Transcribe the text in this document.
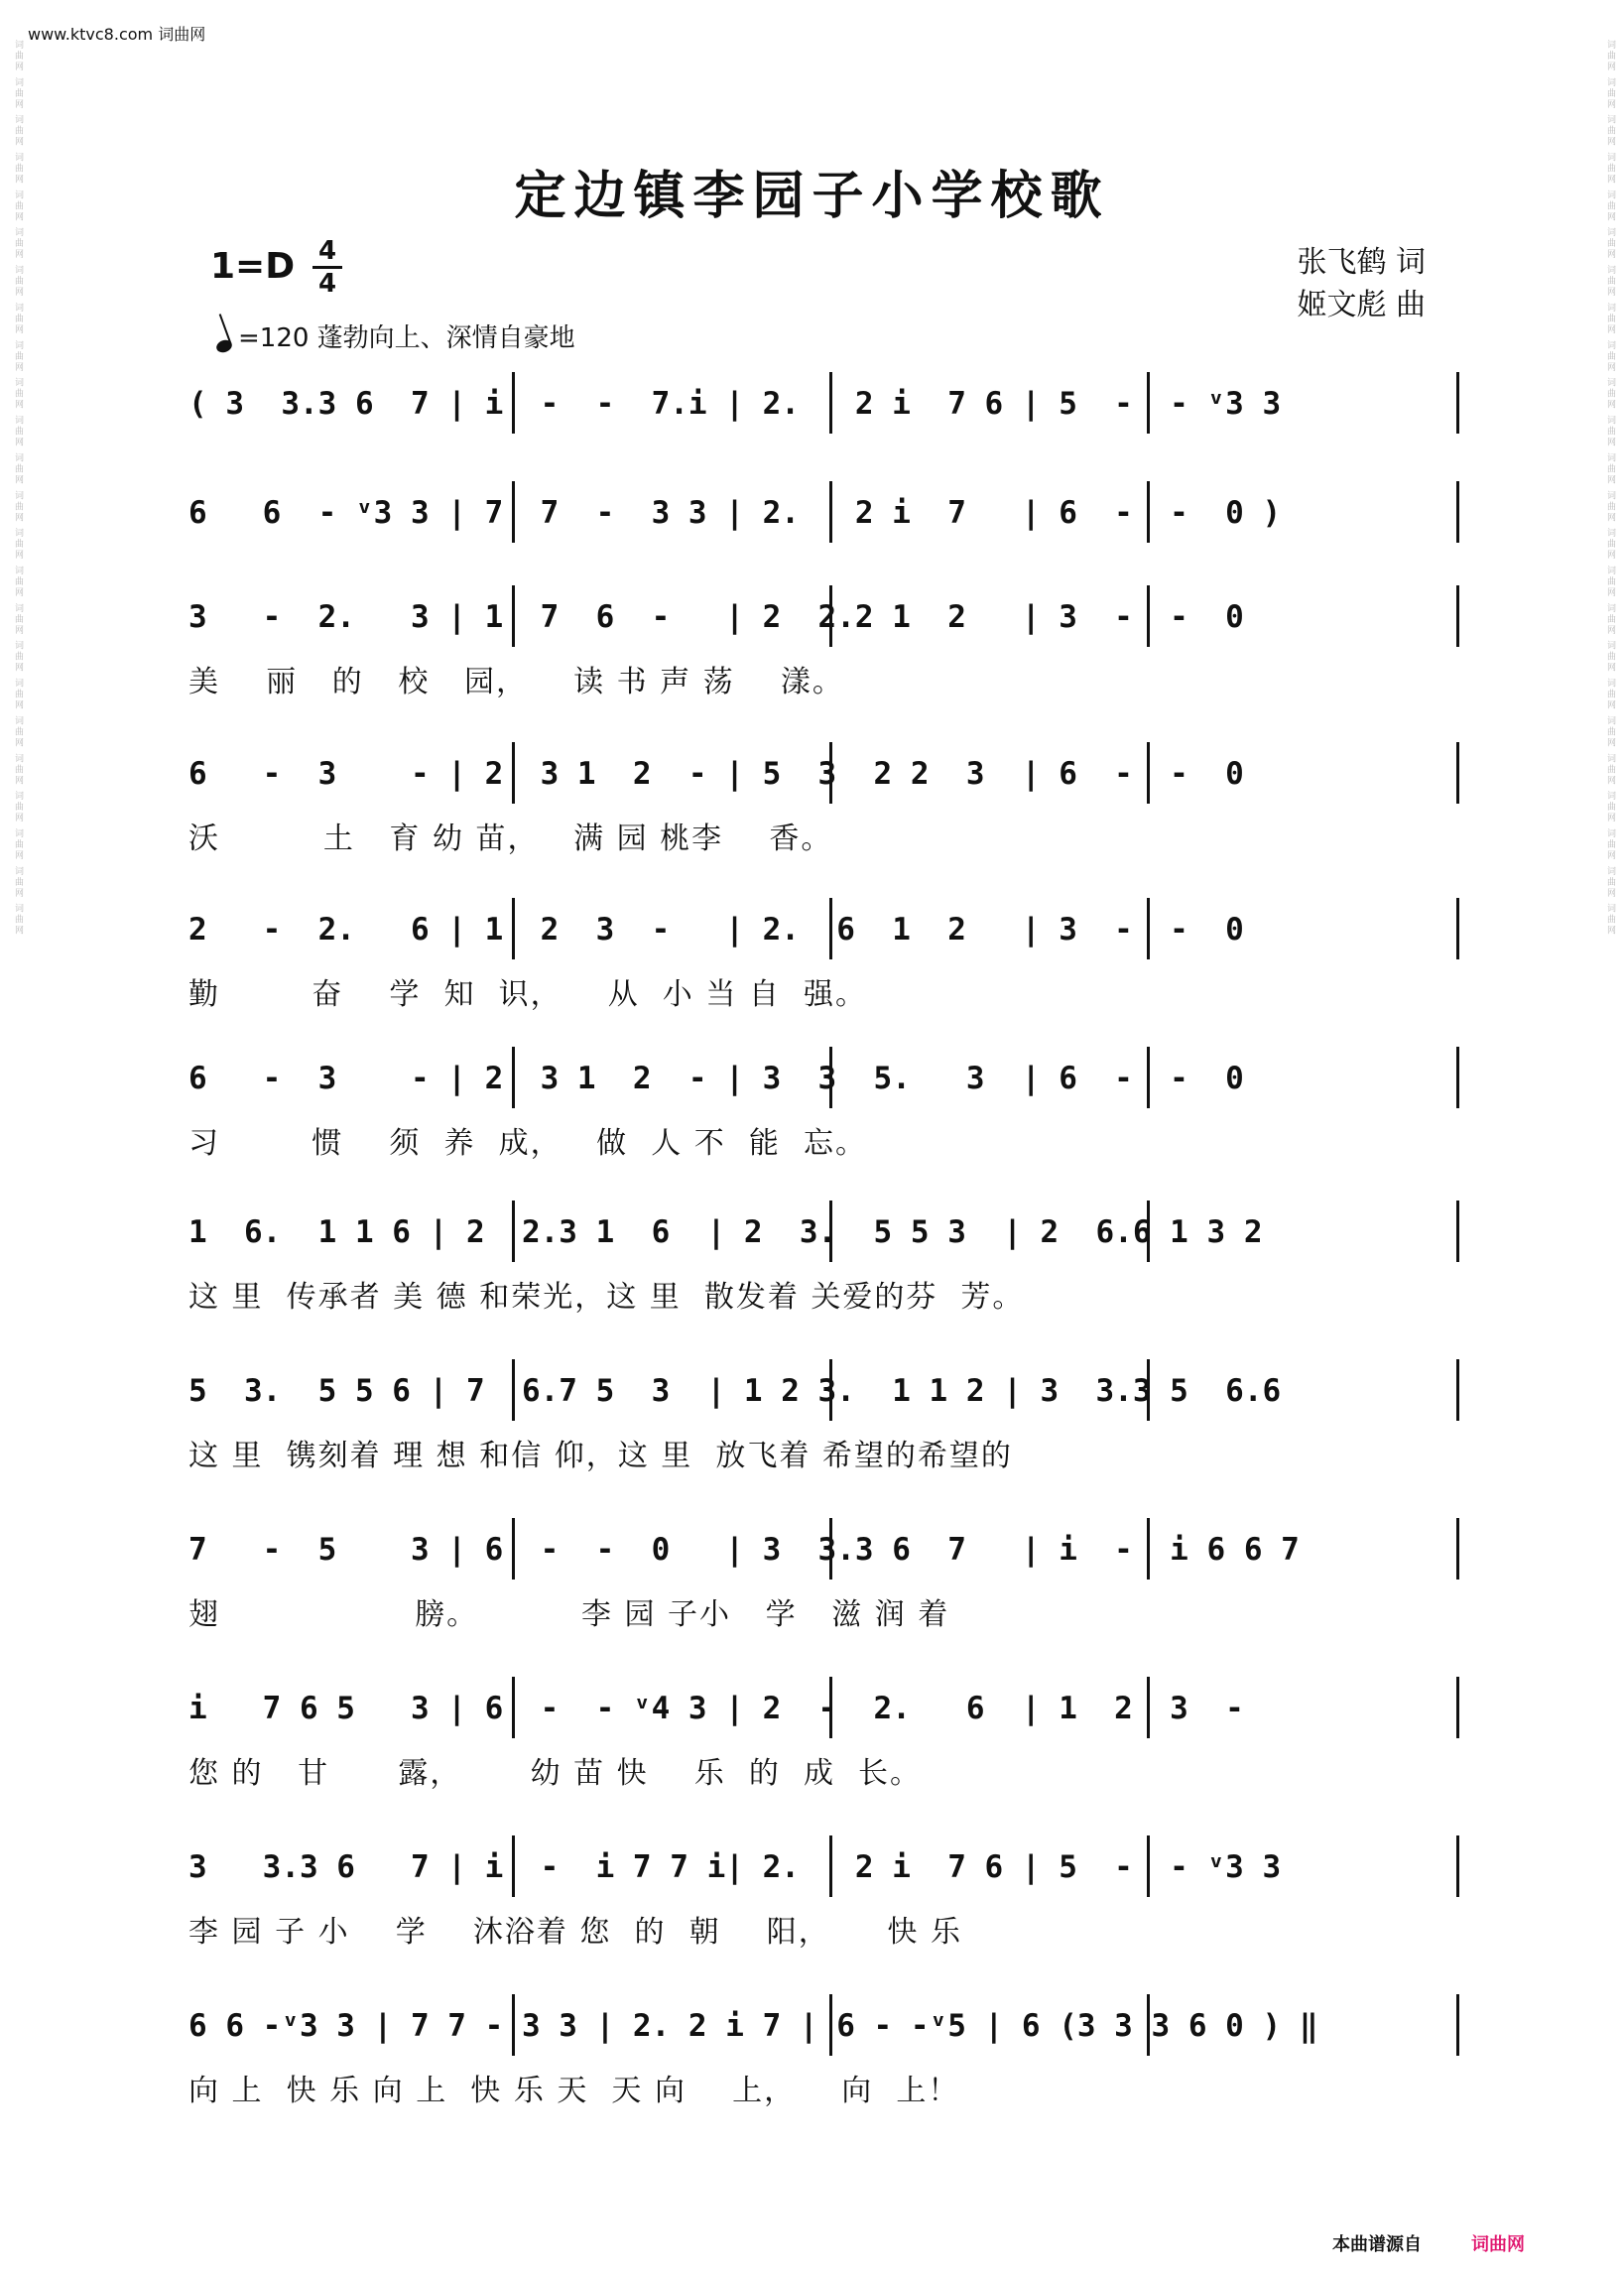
www.ktvc8.com 词曲网
词曲网 词曲网 词曲网 词曲网 词曲网 词曲网 词曲网 词曲网 词曲网 词曲网 词曲网 词曲网 词曲网 词曲网 词曲网 词曲网 词曲网 词曲网 词曲网 词曲网 词曲网 词曲网 词曲网 词曲网	词曲网 词曲网 词曲网 词曲网 词曲网 词曲网 词曲网 词曲网 词曲网 词曲网 词曲网 词曲网 词曲网 词曲网 词曲网 词曲网 词曲网 词曲网 词曲网 词曲网 词曲网 词曲网 词曲网 词曲网
定边镇李园子小学校歌
1=D 4
4
张飞鹤 词
姬文彪 曲
=120 蓬勃向上、深情自豪地
( 3  3.3 6  7 | i  -  -  7.i | 2.   2 i  7 6 | 5  -  - ᵛ3 3
6   6  - ᵛ3 3 | 7  7  -  3 3 | 2.   2 i  7   | 6  -  -  0 )
3   -  2.   3 | 1  7  6  -   | 2  2.2 1  2   | 3  -  -  0
美    丽   的   校   园，    读 书 声 荡    漾。
6   -  3    - | 2  3 1  2  - | 5  3  2 2  3  | 6  -  -  0
沃         土   育 幼 苗，   满 园 桃李    香。
2   -  2.   6 | 1  2  3  -   | 2.  6  1  2   | 3  -  -  0
勤        奋    学  知  识，    从  小 当 自  强。
6   -  3    - | 2  3 1  2  - | 3  3  5.   3  | 6  -  -  0
习        惯    须  养  成，   做  人 不  能  忘。
1  6.  1 1 6 | 2  2.3 1  6  | 2  3.  5 5 3  | 2  6.6 1 3 2
这 里  传承者 美 德 和荣光，这 里  散发着 关爱的芬  芳。
5  3.  5 5 6 | 7  6.7 5  3  | 1 2 3.  1 1 2 | 3  3.3 5  6.6
这 里  镌刻着 理 想 和信 仰，这 里  放飞着 希望的希望的
7   -  5    3 | 6  -  -  0   | 3  3.3 6  7   | i  -  i 6 6 7
翅                 膀。         李 园 子小   学   滋 润 着
i   7 6 5   3 | 6  -  - ᵛ4 3 | 2  -  2.   6  | 1  2  3  -
您 的   甘      露，      幼 苗 快    乐  的  成  长。
3   3.3 6   7 | i  -  i 7 7 i| 2.   2 i  7 6 | 5  -  - ᵛ3 3
李 园 子 小    学    沐浴着 您  的  朝    阳，     快 乐
6 6 -ᵛ3 3 | 7 7 - 3 3 | 2. 2 i 7 | 6 - -ᵛ5 | 6 (3 3 3 6 0 ) ‖
向 上  快 乐 向 上  快 乐 天  天 向    上，    向  上！
本曲谱源自	词曲网
